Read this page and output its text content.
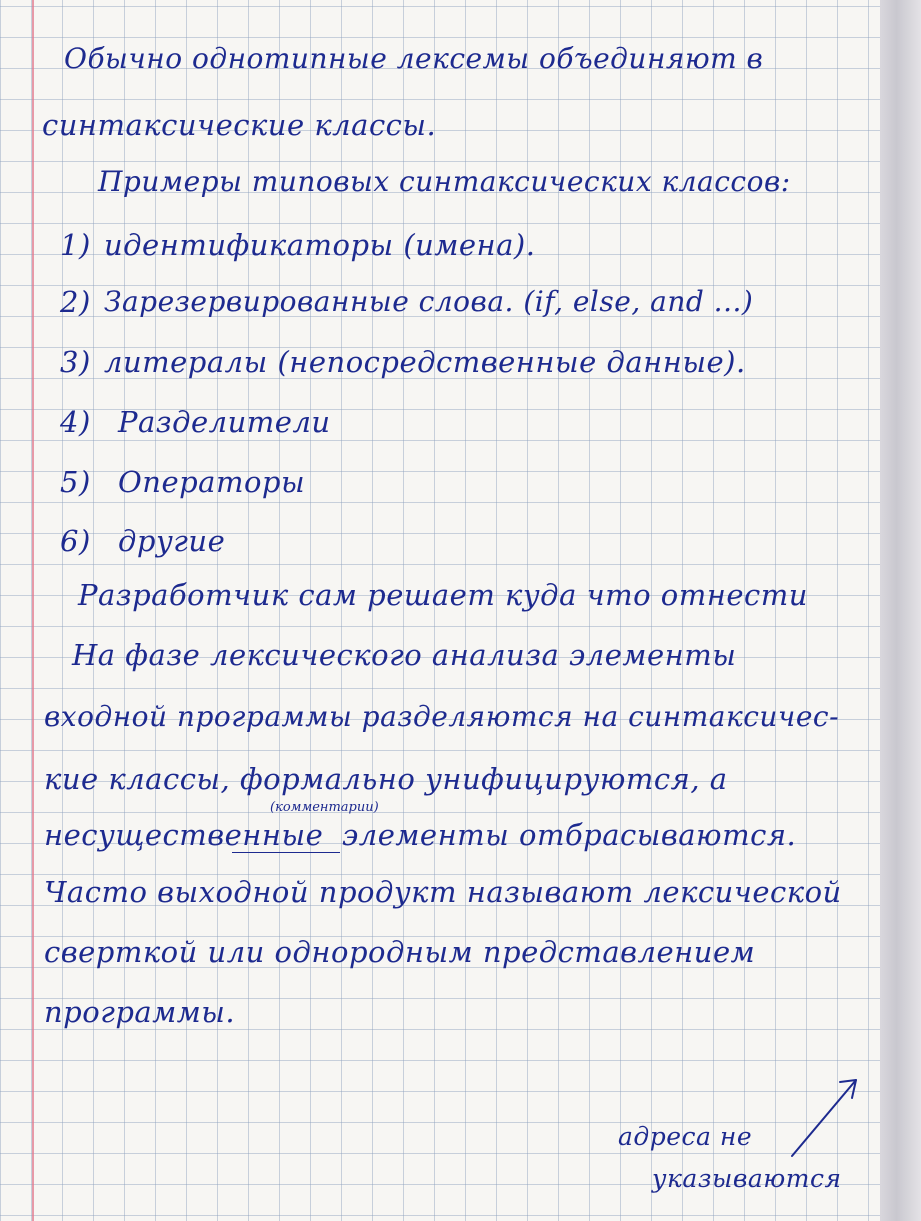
Обычно однотипные лексемы объединяют в
синтаксические классы.
Примеры типовых синтаксических классов:
1) идентификаторы (имена).
2) Зарезервированные слова. (if, else, and ...)
3) литералы (непосредственные данные).
4) Разделители
5) Операторы
6) другие
Разработчик сам решает куда что отнести
На фазе лексического анализа элементы
входной программы разделяются на синтаксичес-
кие классы, формально унифицируются, а
(комментарии)
несущественные элементы отбрасываются.
Часто выходной продукт называют лексической
сверткой или однородным представлением
программы.
адреса не
указываются
